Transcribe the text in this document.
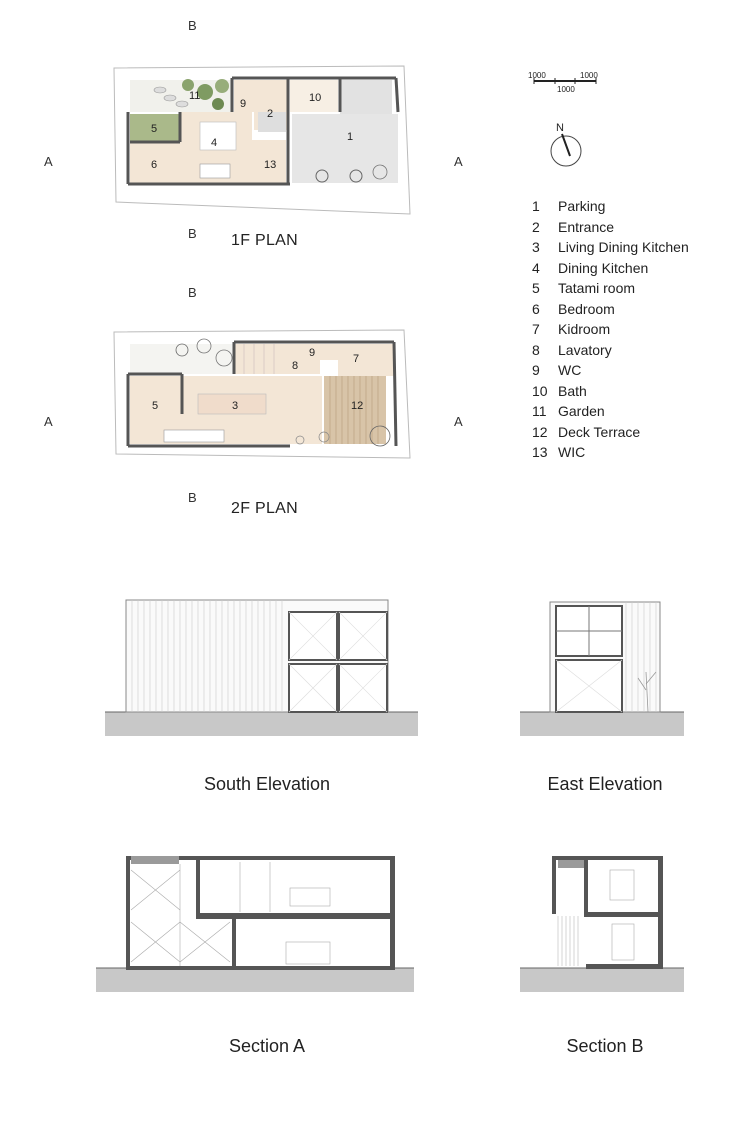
11
9	10
2
5
4	1
6	13
9
8
7
5	3	12
1000
1000
1000
N
B
B
A	A
1F PLAN
B
B
A	A
2F PLAN
1	Parking
2	Entrance
3	Living Dining Kitchen
4	Dining Kitchen
5	Tatami room
6	Bedroom
7	Kidroom
8	Lavatory
9	WC
10 Bath
11 Garden
12 Deck Terrace
13 WIC
South Elevation	East Elevation
Section A	Section B
